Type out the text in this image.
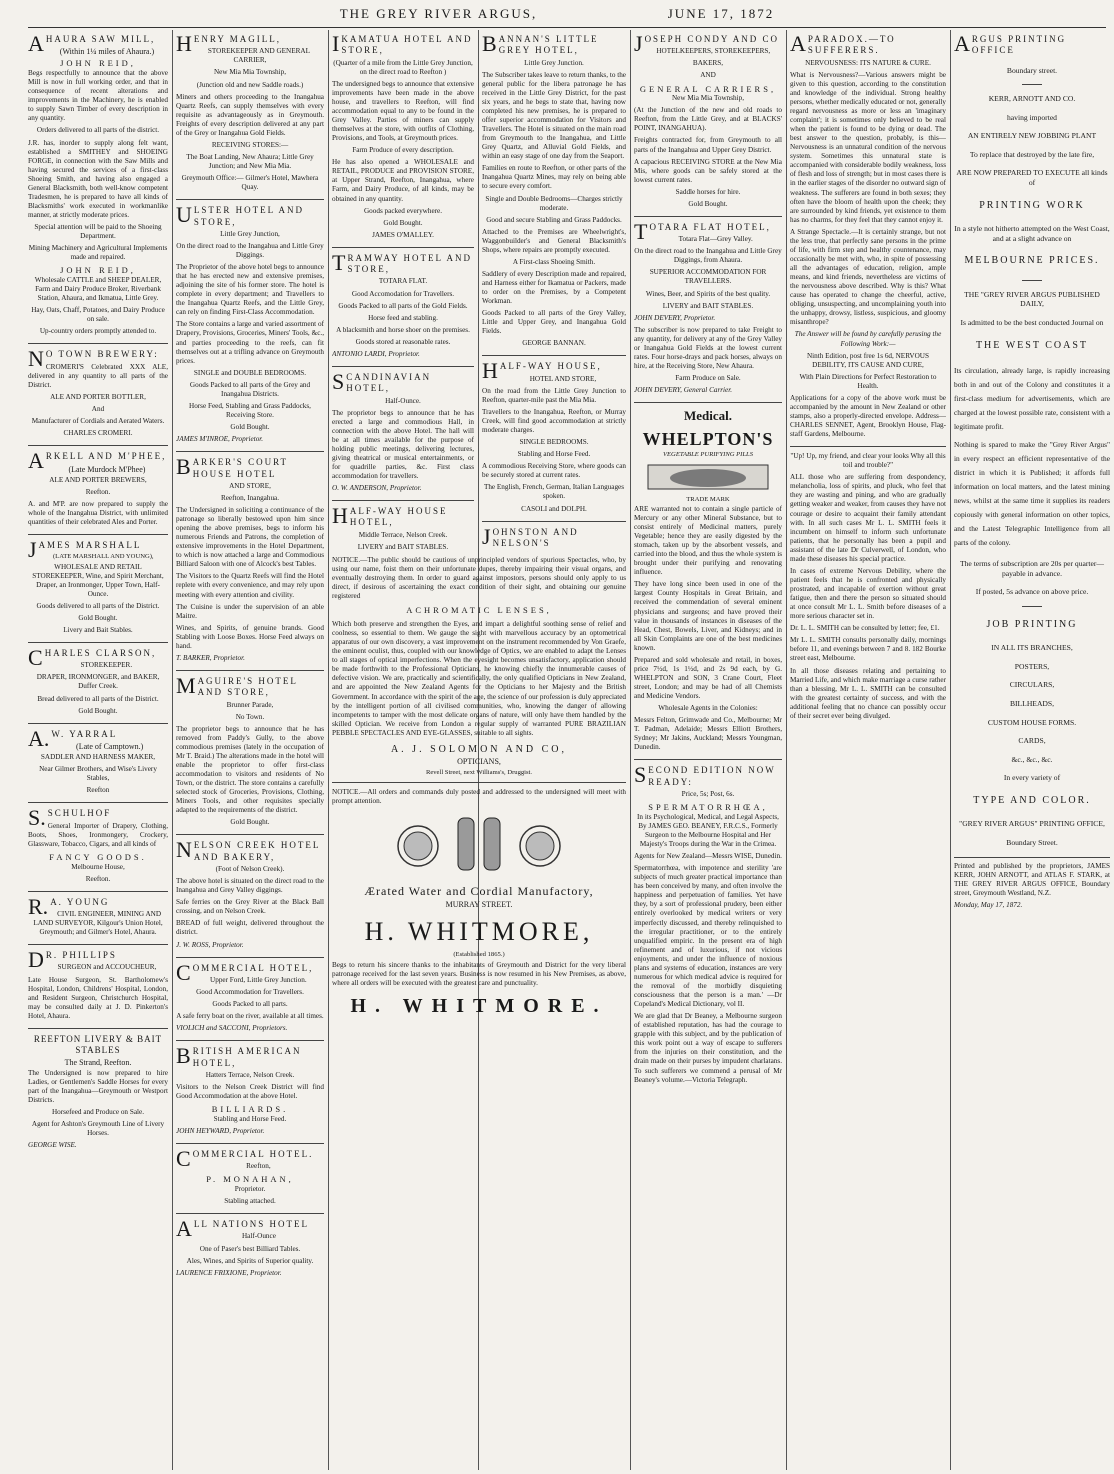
THE GREY RIVER ARGUS,	JUNE 17, 1872
AHAURA SAW MILL,
(Within 1¼ miles of Ahaura.)
JOHN REID,

Begs respectfully to announce that the above Mill is now in full working order, and that in consequence of recent alterations and improvements in the Machinery, he is enabled to supply Sawn Timber of every description in any quantity.

Orders delivered to all parts of the district.

J.R. has, inorder to supply along felt want, established a SMITHEY and SHOEING FORGE, in connection with the Saw Mills and having secured the services of a first-class Shoeing Smith, and having also engaged a General Blacksmith, both well-know competent Tradesmen, he is prepared to have all kinds of Blacksmiths' work executed in workmanlike manner, at strictly moderate prices.

Special attention will be paid to the Shoeing Department.

Mining Machinery and Agricultural Implements made and repaired.

JOHN REID,

Wholesale CATTLE and SHEEP DEALER, Farm and Dairy Produce Broker, Riverbank Station, Ahaura, and Ikmatua, Little Grey.

Hay, Oats, Chaff, Potatoes, and Dairy Produce on sale.

Up-country orders promptly attended to.

NO TOWN BREWERY:

CROMERI'S Celebrated XXX ALE, delivered in any quantity to all parts of the District.

ALE AND PORTER BOTTLER,

And

Manufacturer of Cordials and Aerated Waters.

CHARLES CROMERI.

ARKELL AND M'PHEE,
(Late Murdock M'Phee)

ALE AND PORTER BREWERS,

Reefton.

A. and M'P. are now prepared to supply the whole of the Inangahua District, with unlimited quantities of their celebrated Ales and Porter.

JAMES MARSHALL
(LATE MARSHALL AND YOUNG),

WHOLESALE AND RETAIL STOREKEEPER, Wine, and Spirit Merchant, Draper, an Ironmonger, Upper Town, Half-Ounce.

Goods delivered to all parts of the District.

Gold Bought.

Livery and Bait Stables.

CHARLES CLARSON,

STOREKEEPER.

DRAPER, IRONMONGER, and BAKER, Duffer Creek.

Bread delivered to all parts of the District.

Gold Bought.

A.W. YARRAL
(Late of Camptown.)

SADDLER AND HARNESS MAKER,

Near Gilmer Brothers, and Wise's Livery Stables,

Reefton

S.SCHULHOF

General Importer of Drapery, Clothing, Boots, Shoes, Ironmongery, Crockery, Glassware, Tobacco, Cigars, and all kinds of

FANCY GOODS.

Melbourne House,

Reefton.

R.A. YOUNG

CIVIL ENGINEER, MINING AND LAND SURVEYOR, Kilgour's Union Hotel, Greymouth; and Gilmer's Hotel, Ahaura.

DR. PHILLIPS

SURGEON and ACCOUCHEUR,

Late House Surgeon, St. Bartholomew's Hospital, London, Childrens' Hospital, London, and Resident Surgeon, Christchurch Hospital, may be consulted daily at J. D. Pinkerton's Hotel, Ahaura.

REEFTON LIVERY & BAIT STABLES
The Strand, Reefton.

The Undersigned is now prepared to hire Ladies, or Gentlemen's Saddle Horses for every part of the Inangahua—Greymouth or Westport Districts.

Horsefeed and Produce on Sale.

Agent for Ashton's Greymouth Line of Livery Horses.

GEORGE WISE.

HENRY MAGILL,

STOREKEEPER AND GENERAL CARRIER,

New Mia Mia Township,

(Junction old and new Saddle roads.)

Miners and others proceeding to the Inangahua Quartz Reefs, can supply themselves with every requisite as advantageously as in Greymouth. Freights of every description delivered at any part of the Grey or Inangahua Gold Fields.

RECEIVING STORES:—

The Boat Landing, New Ahaura; Little Grey Junction; and New Mia Mia.

Greymouth Office:— Gilmer's Hotel, Mawhera Quay.

ULSTER HOTEL AND STORE,

Little Grey Junction,

On the direct road to the Inangahua and Little Grey Diggings.

The Proprietor of the above hotel begs to announce that he has erected new and extensive premises, adjoining the site of his former store. The hotel is complete in every department; and Travellers to the Inangahua Quartz Reefs, and the Little Grey, can rely on finding First-Class Accommodation.

The Store contains a large and varied assortment of Drapery, Provisions, Groceries, Miners' Tools, &c., and parties proceeding to the reefs, can fit themselves out at a trifling advance on Greymouth prices.

SINGLE and DOUBLE BEDROOMS.

Goods Packed to all parts of the Grey and Inangahua Districts.

Horse Feed, Stabling and Grass Paddocks, Receiving Store.

Gold Bought.

JAMES M'INROE, Proprietor.

BARKER'S COURT HOUSE HOTEL

AND STORE,

Reefton, Inangahua.

The Undersigned in soliciting a continuance of the patronage so liberally bestowed upon him since opening the above premises, begs to inform his numerous Friends and Patrons, the completion of extensive improvements in the Hotel Department, to which is now attached a large and Commodious Billiard Saloon with one of Alcock's best Tables.

The Visitors to the Quartz Reefs will find the Hotel replete with every convenience, and may rely upon meeting with every attention and civility.

The Cuisine is under the supervision of an able Maitre.

Wines, and Spirits, of genuine brands. Good Stabling with Loose Boxes. Horse Feed always on hand.

T. BARKER, Proprietor.

MAGUIRE'S HOTEL AND STORE,

Brunner Parade,

No Town.

The proprietor begs to announce that he has removed from Paddy's Gully, to the above commodious premises (lately in the occupation of Mr T. Braid.) The alterations made in the hotel will enable the proprietor to offer first-class accommodation to visitors and residents of No Town, or the district. The store contains a carefully selected stock of Groceries, Provisions, Clothing, Miners Tools, and other requisites specially adapted to the requirements of the district.

Gold Bought.

NELSON CREEK HOTEL AND BAKERY,

(Foot of Nelson Creek).

The above hotel is situated on the direct road to the Inangahua and Grey Valley diggings.

Safe ferries on the Grey River at the Black Ball crossing, and on Nelson Creek.

BREAD of full weight, delivered throughout the district.

J. W. ROSS, Proprietor.

COMMERCIAL HOTEL,

Upper Ford, Little Grey Junction.

Good Accommodation for Travellers.

Goods Packed to all parts.

A safe ferry boat on the river, available at all times.

VIOLICH and SACCONI, Proprietors.

BRITISH AMERICAN HOTEL,

Hatters Terrace, Nelson Creek.

Visitors to the Nelson Creek District will find Good Accommodation at the above Hotel.

BILLIARDS.

Stabling and Horse Feed.

JOHN HEYWARD, Proprietor.

COMMERCIAL HOTEL.

Reefton,

P. MONAHAN,

Proprietor.

Stabling attached.

ALL NATIONS HOTEL

Half-Ounce

One of Paser's best Billiard Tables.

Ales, Wines, and Spirits of Superior quality.

LAURENCE FRIXIONE, Proprietor.

IKAMATUA HOTEL AND STORE,

(Quarter of a mile from the Little Grey Junction, on the direct road to Reefton )

The undersigned begs to announce that extensive improvements have been made in the above house, and travellers to Reefton, will find accommodation equal to any to be found in the Grey Valley. Parties of miners can supply themselves at the store, with outfits of Clothing, Provisions, and Tools, at Greymouth prices.

Farm Produce of every description.

He has also opened a WHOLESALE and RETAIL, PRODUCE and PROVISION STORE, at Upper Strand, Reefton, Inangahua, where Farm, and Dairy Produce, of all kinds, may be obtained in any quantity.

Goods packed everywhere.

Gold Bought.

JAMES O'MALLEY.

TRAMWAY HOTEL AND STORE,

TOTARA FLAT.

Good Accomodation for Travellers.

Goods Packed to all parts of the Gold Fields.

Horse feed and stabling.

A blacksmith and horse shoer on the premises.

Goods stored at reasonable rates.

ANTONIO LARDI, Proprietor.

SCANDINAVIAN HOTEL,

Half-Ounce.

The proprietor begs to announce that he has erected a large and commodious Hall, in connection with the above Hotel. The hall will be at all times available for the purpose of holding public meetings, delivering lectures, giving theatrical or musical entertainments, or for quadrille parties, &c. First class accommodation for travellers.

O. W. ANDERSON, Proprietor.

HALF-WAY HOUSE HOTEL,

Middle Terrace, Nelson Creek.

LIVERY and BAIT STABLES.

BANNAN'S LITTLE GREY HOTEL,

Little Grey Junction.

The Subscriber takes leave to return thanks, to the general public for the libera patronage he has received in the Little Grey District, for the past six years, and he begs to state that, having now completed his new premises, he is prepared to offer superior accommodation for Visitors and Travellers. The Hotel is situated on the main road from Greymouth to the Inangahua, and Little Grey Quartz, and Alluvial Gold Fields, and within an easy stage of one day from the Seaport.

Families en route to Reefton, or other parts of the Inangahua Quartz Mines, may rely on being able to secure every comfort.

Single and Double Bedrooms—Charges strictly moderate.

Good and secure Stabling and Grass Paddocks.

Attached to the Premises are Wheelwright's, Waggonbuilder's and General Blacksmith's Shops, where repairs are promptly executed.

A First-class Shoeing Smith.

Saddlery of every Description made and repaired, and Harness either for Ikamatua or Packers, made to order on the Premises, by a Competent Workman.

Goods Packed to all parts of the Grey Valley, Little and Upper Grey, and Inangahua Gold Fields.

GEORGE BANNAN.

HALF-WAY HOUSE,

HOTEL AND STORE,

On the road from the Little Grey Junction to Reefton, quarter-mile past the Mia Mia.

Travellers to the Inangahua, Reefton, or Murray Creek, will find good accommodation at strictly moderate charges.

SINGLE BEDROOMS.

Stabling and Horse Feed.

A commodious Receiving Store, where goods can be securely stored at current rates.

The English, French, German, Italian Languages spoken.

CASOLI and DOLPH.

JOHNSTON AND NELSON'S

NOTICE.—The public should be cautious of unprincipled vendors of spurious Spectacles, who, by using our name, foist them on their unfortunate dupes, thereby impairing their visual organs, and eventually destroying them. In order to guard against impostors, persons should only apply to us direct, if desirous of ascertaining the exact condition of their sight, and obtaining our genuine registered

ACHROMATIC LENSES,

Which both preserve and strengthen the Eyes, and impart a delightful soothing sense of relief and coolness, so essential to them. We gauge the sight with marvellous accuracy by an optometrical apparatus of our own discovery, a vast improvement on the instrument recommended by Von Graefe, the eminent oculist, thus, coupled with our knowledge of Optics, we are enabled to adapt the Lenses to all stages of optical imperfections. When the eyesight becomes unsatisfactory, application should be made forthwith to the Professional Opticians, he knowing chiefly the innumerable causes of defective vision. We are, practically and scientifically, the only qualified Opticians in New Zealand, and are appointed the New Zealand Agents for the Opticians to her Majesty and the British Government. In accordance with the spirit of the age, the science of our profession is duly appreciated by the intelligent portion of all civilised communities, who, knowing the danger of allowing incompetents to tamper with the most delicate organs of nature, will only have them handled by the skilled Optician. We receive from London a regular supply of warranted PURE BRAZILIAN PEBBLE SPECTACLES AND EYE-GLASSES, suitable to all sights.

A. J. SOLOMON AND CO,
OPTICIANS,
Revell Street, next Williams's, Druggist.

NOTICE.—All orders and commands duly posted and addressed to the undersigned will meet with prompt attention.

Ærated Water and Cordial Manufactory,
MURRAY STREET.
H. WHITMORE,
(Established 1865.)

Begs to return his sincere thanks to the inhabitants of Greymouth and District for the very liberal patronage received for the last seven years. Business is now resumed in his New Premises, as above, where all orders will be executed with the greatest care and punctuality.

H. WHITMORE.
JOSEPH CONDY AND CO

HOTELKEEPERS, STOREKEEPERS,

BAKERS,

AND

GENERAL CARRIERS,

New Mia Mia Township,

(At the Junction of the new and old roads to Reefton, from the Little Grey, and at BLACKS' POINT, INANGAHUA).

Freights contracted for, from Greymouth to all parts of the Inangahua and Upper Grey District.

A capacious RECEIVING STORE at the New Mia Mis, where goods can be safely stored at the lowest current rates.

Saddle horses for hire.

Gold Bought.

TOTARA FLAT HOTEL,

Totara Flat—Grey Valley.

On the direct road to the Inangahua and Little Grey Diggings, from Ahaura.

SUPERIOR ACCOMMODATION FOR TRAVELLERS.

Wines, Beer, and Spirits of the best quality.

LIVERY and BAIT STABLES.

JOHN DEVERY, Proprietor.

The subscriber is now prepared to take Freight to any quantity, for delivery at any of the Grey Valley or Inangahua Gold Fields at the lowest current rates. Four horse-drays and pack horses, always on hire, at the Receiving Store, New Ahaura.

Farm Produce on Sale.

JOHN DEVERY, General Carrier.

Medical.
WHELPTON'S
VEGETABLE PURIFYING PILLS
TRADE MARK

ARE warranted not to contain a single particle of Mercury or any other Mineral Substance, but to consist entirely of Medicinal matters, purely Vegetable; hence they are easily digested by the stomach, taken up by the absorbent vessels, and carried into the blood, and thus the whole system is brought under their purifying and renovating influence.

They have long since been used in one of the largest County Hospitals in Great Britain, and received the commendation of several eminent physicians and surgeons; and have proved their value in thousands of instances in diseases of the Head, Chest, Bowels, Liver, and Kidneys; and in all Skin Complaints are one of the best medicines known.

Prepared and sold wholesale and retail, in boxes, price 7½d, 1s 1½d, and 2s 9d each, by G. WHELPTON and SON, 3 Crane Court, Fleet street, London; and may be had of all Chemists and Medicine Vendors.

Wholesale Agents in the Colonies:

Messrs Felton, Grimwade and Co., Melbourne; Mr T. Padman, Adelaide; Messrs Elliott Brothers, Sydney; Mr Jakins, Auckland; Messrs Youngman, Dunedin.

SECOND EDITION NOW READY:

Price, 5s; Post, 6s.

SPERMATORRHŒA,

In its Psychological, Medical, and Legal Aspects, By JAMES GEO. BEANEY, F.R.C.S., Formerly Surgeon to the Melbourne Hospital and Her Majesty's Troops during the War in the Crimea.

Agents for New Zealand—Messrs WISE, Dunedin.

Spermatorrhœa, with impotence and sterility 'are subjects of much greater practical importance than has been conceived by many, and often involve the happiness and perpetuation of families. Yet have they, by a sort of professional prudery, been either entirely overlooked by medical writers or very imperfectly discussed, and thereby relinquished to the irregular practitioner, or to the entirely unqualified empiric. In the present era of high refinement and of luxurious, if not vicious enjoyments, and under the influence of noxious plans and systems of education, instances are very numerous for which medical advice is required for the removal of the morbidly disquieting consciousness that the person is a man.' —Dr Copeland's Medical Dictionary, vol II.

We are glad that Dr Beaney, a Melbourne surgeon of established reputation, has had the courage to grapple with this subject, and by the publication of this work point out a way of escape to sufferers from the injuries on their constitution, and the drain made on their purses by impudent charlatans. To such sufferers we commend a perusal of Mr Beaney's volume.—Victoria Telegraph.

APARADOX.—TO SUFFERERS.

NERVOUSNESS: ITS NATURE & CURE.

What is Nervousness?—Various answers might be given to this question, according to the constitution and knowledge of the individual. Strong healthy persons, whether medically educated or not, generally regard nervousness as more or less an 'imaginary complaint'; it is sometimes only believed to be real when the patient is found to be dying or dead. The best answer to the question, probably, is this—Nervousness is an unnatural condition of the nervous system. Sometimes this unnatural state is accompanied with considerable bodily weakness, loss of flesh and loss of strength; but in most cases there is in the earlier stages of the disorder no outward sign of weakness. The sufferers are found in both sexes; they often have the bloom of health upon the cheek; they are surrounded by kind friends, yet existence to them has no charms, for they feel that they cannot enjoy it.

A Strange Spectacle.—It is certainly strange, but not the less true, that perfectly sane persons in the prime of life, with firm step and healthy countenance, may occasionally be met with, who, in spite of possessing all the advantages of education, religion, ample means, and kind friends, nevertheless are victims of the nervousness above described. Why is this? What cause has operated to change the cheerful, active, obliging, unsuspecting, and uncomplaining youth into the unhappy, drowsy, listless, suspicious, and gloomy misanthrope?

The Answer will be found by carefully perusing the Following Work:—

Ninth Edition, post free 1s 6d, NERVOUS DEBILITY, ITS CAUSE AND CURE,

With Plain Directions for Perfect Restoration to Health.

Applications for a copy of the above work must be accompanied by the amount in New Zealand or other stamps, also a properly-directed envelope. Address—CHARLES SENNET, Agent, Brooklyn House, Flag-staff Gardens, Melbourne.

"Up! Up, my friend, and clear your looks Why all this toil and trouble?"

ALL those who are suffering from despondency, melancholia, loss of spirits, and pluck, who feel that they are wasting and pining, and who are gradually getting weaker and weaker, from causes they have not courage or desire to acquaint their family attendant with. In all such cases Mr L. L. SMITH feels it incumbent on himself to inform such unfortunate patients, that he personally has been a pupil and assistant of the late Dr Culverwell, of London, who made these diseases his special practice.

In cases of extreme Nervous Debility, where the patient feels that he is confronted and physically prostrated, and incapable of exertion without great fatigue, then and there the person so situated should at once consult Mr L. L. Smith before diseases of a more serious character set in.

Dr. L. L. SMITH can be consulted by letter; fee, £1.

Mr L. L. SMITH consults personally daily, mornings before 11, and evenings between 7 and 8. 182 Bourke street east, Melbourne.

In all those diseases relating and pertaining to Married Life, and which make marriage a curse rather than a blessing, Mr L. L. SMITH can be consulted with the greatest certainty of success, and with the additional feeling that no chance can possibly occur of their secret ever being divulged.

ARGUS PRINTING OFFICE

Boundary street.

KERR, ARNOTT AND CO.

having imported

AN ENTIRELY NEW JOBBING PLANT

To replace that destroyed by the late fire,

ARE NOW PREPARED TO EXECUTE all kinds of

PRINTING WORK

In a style not hitherto attempted on the West Coast, and at a slight advance on

MELBOURNE PRICES.

THE "GREY RIVER ARGUS PUBLISHED DAILY,

Is admitted to be the best conducted Journal on

THE WEST COAST

Its circulation, already large, is rapidly increasing both in and out of the Colony and constitutes it a first-class medium for advertisements, which are charged at the lowest possible rate, consistent with a legitimate profit.

Nothing is spared to make the "Grey River Argus" in every respect an efficient representative of the district in which it is Published; it affords full information on local matters, and the latest mining news, whilst at the same time it supplies its readers copiously with general information on other topics, and the Latest Telegraphic Intelligence from all parts of the colony.

The terms of subscription are 20s per quarter—payable in advance.

If posted, 5s advance on above price.

JOB PRINTING

IN ALL ITS BRANCHES,

POSTERS,

CIRCULARS,

BILLHEADS,

CUSTOM HOUSE FORMS.

CARDS,

&c., &c., &c.

In every variety of

TYPE AND COLOR.

"GREY RIVER ARGUS" PRINTING OFFICE,

Boundary Street.

Printed and published by the proprietors, JAMES KERR, JOHN ARNOTT, and ATLAS F. STARK, at THE GREY RIVER ARGUS OFFICE, Boundary street, Greymouth Westland, N.Z.

Monday, May 17, 1872.
